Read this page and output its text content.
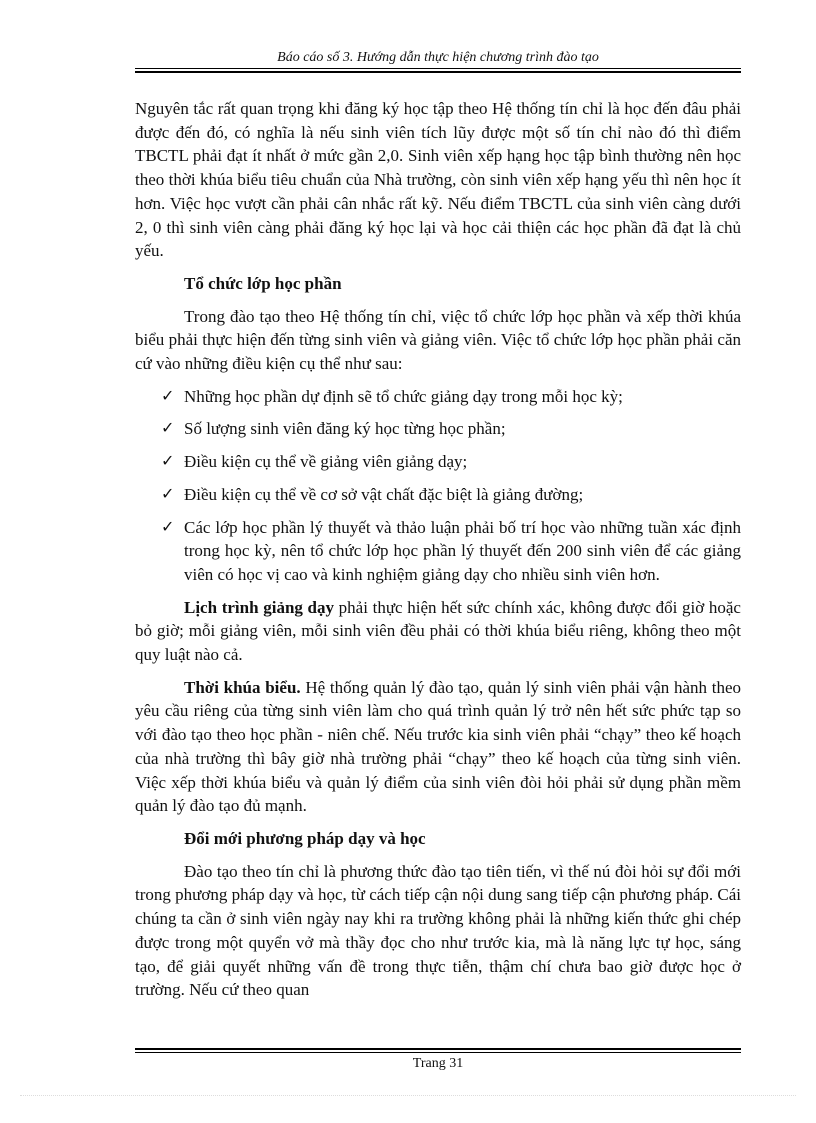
Báo cáo số 3. Hướng dẫn thực hiện chương trình đào tạo

Nguyên tắc rất quan trọng khi đăng ký học tập theo Hệ thống tín chỉ là học đến đâu phải được đến đó, có nghĩa là nếu sinh viên tích lũy được một số tín chỉ nào đó thì điểm TBCTL phải đạt ít nhất ở mức gần 2,0. Sinh viên xếp hạng học tập bình thường nên học theo thời khúa biểu tiêu chuẩn của Nhà trường, còn sinh viên xếp hạng yếu thì nên học ít hơn. Việc học vượt cần phải cân nhắc rất kỹ. Nếu điểm TBCTL của sinh viên càng dưới 2, 0 thì sinh viên càng phải đăng ký học lại và học cải thiện các học phần đã đạt là chủ yếu.

Tổ chức lớp học phần

Trong đào tạo theo Hệ thống tín chỉ, việc tổ chức lớp học phần và xếp thời khúa biểu phải thực hiện đến từng sinh viên và giảng viên. Việc tổ chức lớp học phần phải căn cứ vào những điều kiện cụ thể như sau:

✓ Những học phần dự định sẽ tổ chức giảng dạy trong mỗi học kỳ;
✓ Số lượng sinh viên đăng ký học từng học phần;
✓ Điều kiện cụ thể về giảng viên giảng dạy;
✓ Điều kiện cụ thể về cơ sở vật chất đặc biệt là giảng đường;
✓ Các lớp học phần lý thuyết và thảo luận phải bố trí học vào những tuần xác định trong học kỳ, nên tổ chức lớp học phần lý thuyết đến 200 sinh viên để các giảng viên có học vị cao và kinh nghiệm giảng dạy cho nhiều sinh viên hơn.

Lịch trình giảng dạy phải thực hiện hết sức chính xác, không được đổi giờ hoặc bỏ giờ; mỗi giảng viên, mỗi sinh viên đều phải có thời khúa biểu riêng, không theo một quy luật nào cả.

Thời khúa biểu. Hệ thống quản lý đào tạo, quản lý sinh viên phải vận hành theo yêu cầu riêng của từng sinh viên làm cho quá trình quản lý trở nên hết sức phức tạp so với đào tạo theo học phần - niên chế. Nếu trước kia sinh viên phải “chạy” theo kế hoạch của nhà trường thì bây giờ nhà trường phải “chạy” theo kế hoạch của từng sinh viên. Việc xếp thời khúa biểu và quản lý điểm của sinh viên đòi hỏi phải sử dụng phần mềm quản lý đào tạo đủ mạnh.

Đổi mới phương pháp dạy và học

Đào tạo theo tín chỉ là phương thức đào tạo tiên tiến, vì thế nú đòi hỏi sự đổi mới trong phương pháp dạy và học, từ cách tiếp cận nội dung sang tiếp cận phương pháp. Cái chúng ta cần ở sinh viên ngày nay khi ra trường không phải là những kiến thức ghi chép được trong một quyển vở mà thầy đọc cho như trước kia, mà là năng lực tự học, sáng tạo, để giải quyết những vấn đề trong thực tiễn, thậm chí chưa bao giờ được học ở trường. Nếu cứ theo quan

Trang 31
